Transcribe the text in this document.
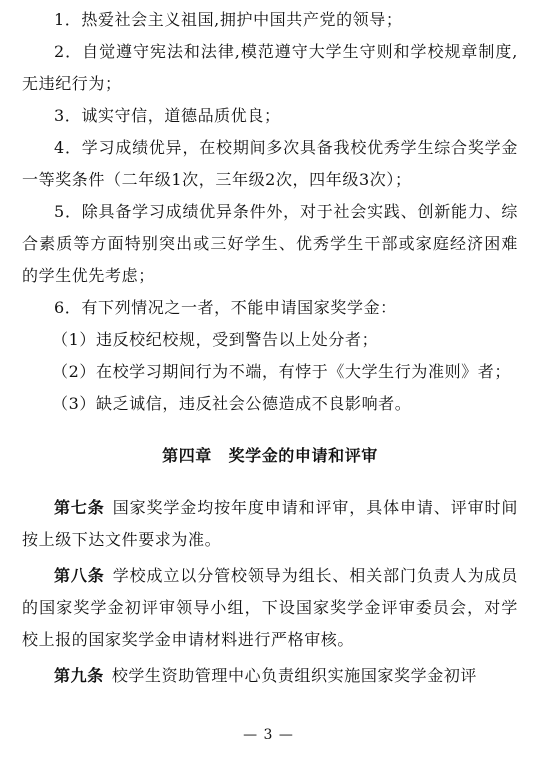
1．热爱社会主义祖国,拥护中国共产党的领导；

2．自觉遵守宪法和法律,模范遵守大学生守则和学校规章制度,无违纪行为；

3．诚实守信，道德品质优良；

4．学习成绩优异，在校期间多次具备我校优秀学生综合奖学金一等奖条件（二年级1次，三年级2次，四年级3次）；

5．除具备学习成绩优异条件外，对于社会实践、创新能力、综合素质等方面特别突出或三好学生、优秀学生干部或家庭经济困难的学生优先考虑；

6．有下列情况之一者，不能申请国家奖学金：

（1）违反校纪校规，受到警告以上处分者；

（2）在校学习期间行为不端，有悖于《大学生行为准则》者；

（3）缺乏诚信，违反社会公德造成不良影响者。

第四章　奖学金的申请和评审

第七条 国家奖学金均按年度申请和评审，具体申请、评审时间按上级下达文件要求为准。

第八条 学校成立以分管校领导为组长、相关部门负责人为成员的国家奖学金初评审领导小组，下设国家奖学金评审委员会，对学校上报的国家奖学金申请材料进行严格审核。

第九条 校学生资助管理中心负责组织实施国家奖学金初评

— 3 —
